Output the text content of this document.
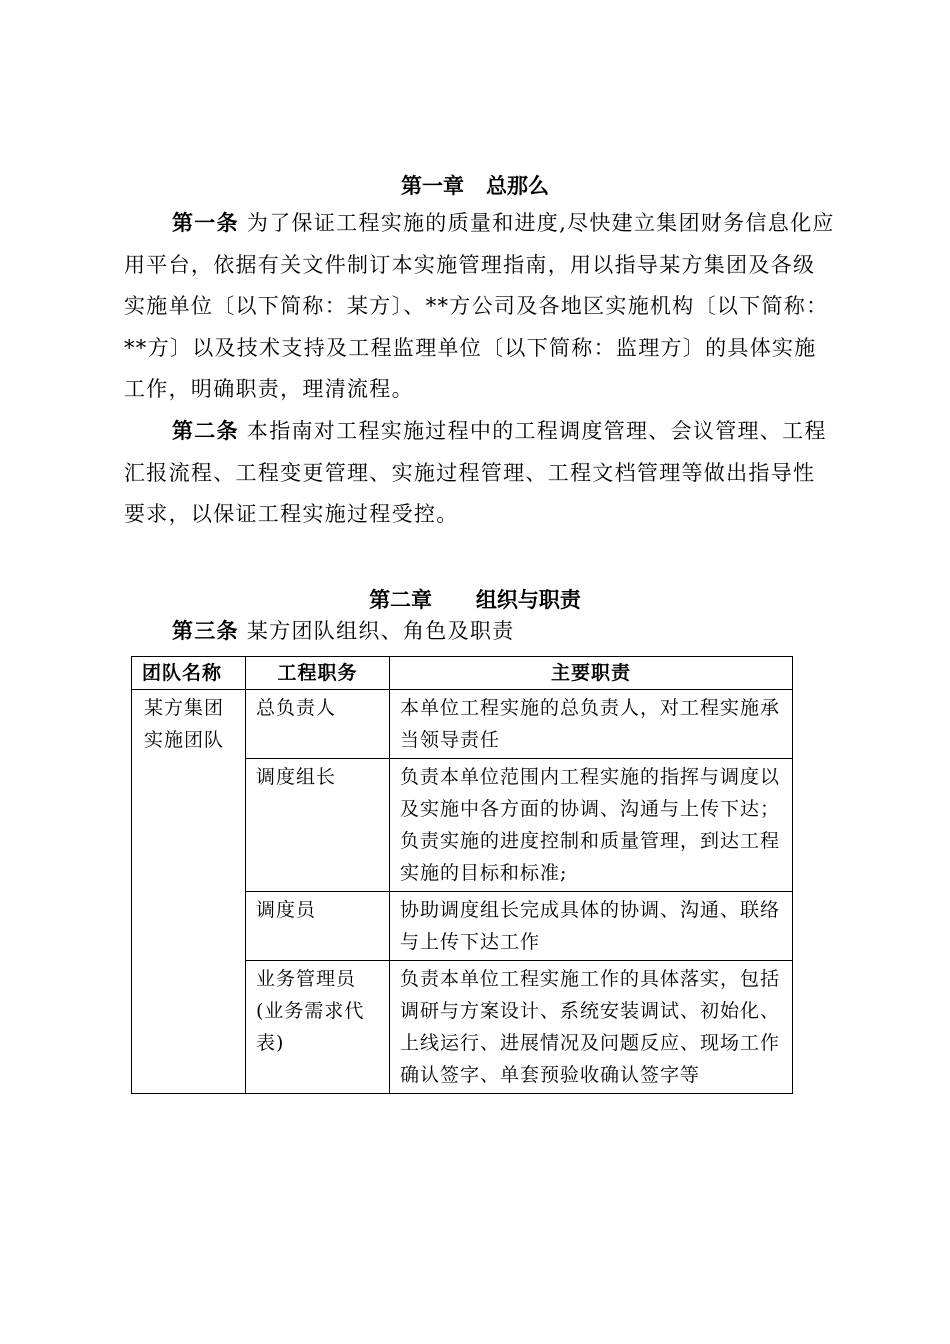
第一章   总那么

第一条 为了保证工程实施的质量和进度,尽快建立集团财务信息化应用平台，依据有关文件制订本实施管理指南，用以指导某方集团及各级实施单位〔以下简称：某方〕、**方公司及各地区实施机构〔以下简称：**方〕以及技术支持及工程监理单位〔以下简称：监理方〕的具体实施工作，明确职责，理清流程。

第二条 本指南对工程实施过程中的工程调度管理、会议管理、工程汇报流程、工程变更管理、实施过程管理、工程文档管理等做出指导性要求，以保证工程实施过程受控。

第二章      组织与职责
第三条 某方团队组织、角色及职责
团队名称	工程职务	主要职责
某方集团实施团队	总负责人	本单位工程实施的总负责人，对工程实施承当领导责任
	调度组长	负责本单位范围内工程实施的指挥与调度以及实施中各方面的协调、沟通与上传下达；负责实施的进度控制和质量管理，到达工程实施的目标和标准;
	调度员	协助调度组长完成具体的协调、沟通、联络与上传下达工作
	业务管理员(业务需求代表)	负责本单位工程实施工作的具体落实，包括调研与方案设计、系统安装调试、初始化、上线运行、进展情况及问题反应、现场工作确认签字、单套预验收确认签字等
